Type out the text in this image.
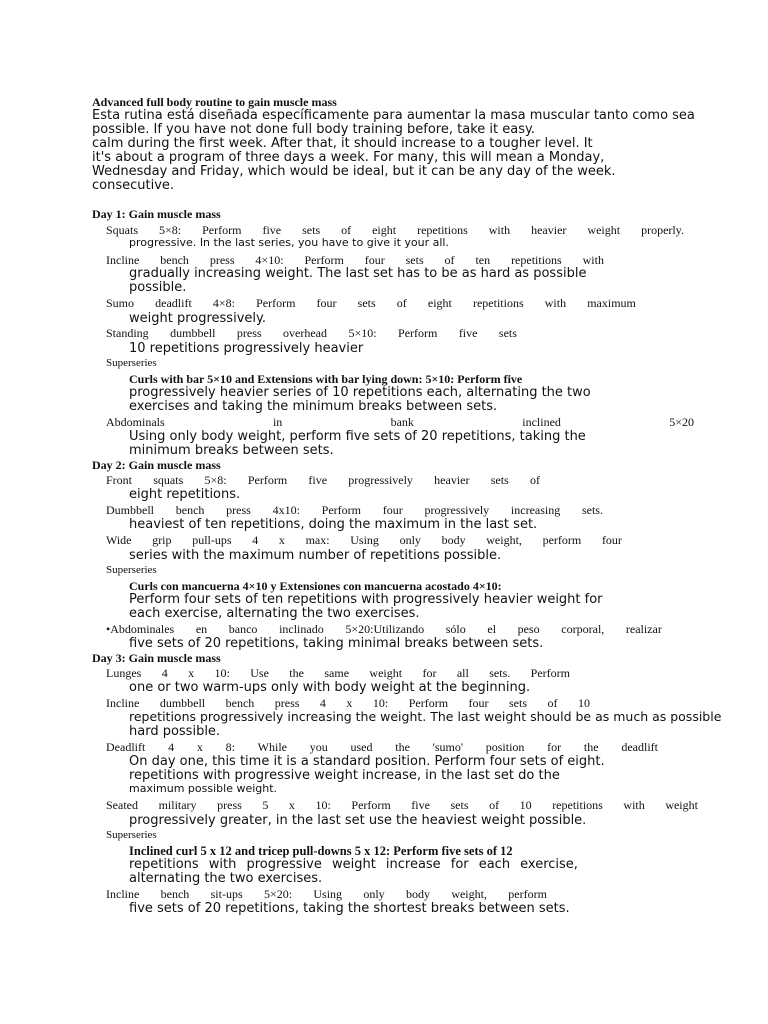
Advanced full body routine to gain muscle mass
Esta rutina está diseñada específicamente para aumentar la masa muscular tanto como sea
possible. If you have not done full body training before, take it easy.
calm during the first week. After that, it should increase to a tougher level. It
it's about a program of three days a week. For many, this will mean a Monday,
Wednesday and Friday, which would be ideal, but it can be any day of the week.
consecutive.
Day 1: Gain muscle mass
Squats 5×8: Perform five sets of eight repetitions with heavier weight properly.
progressive. In the last series, you have to give it your all.
Incline bench press 4×10: Perform four sets of ten repetitions with
gradually increasing weight. The last set has to be as hard as possible
possible.
Sumo deadlift 4×8: Perform four sets of eight repetitions with maximum
weight progressively.
Standing dumbbell press overhead 5×10: Perform five sets
10 repetitions progressively heavier
Superseries
Curls with bar 5×10 and Extensions with bar lying down: 5×10: Perform five
progressively heavier series of 10 repetitions each, alternating the two
exercises and taking the minimum breaks between sets.
Abdominals	in	bank	inclined	5×20
Using only body weight, perform five sets of 20 repetitions, taking the
minimum breaks between sets.
Day 2: Gain muscle mass
Front squats 5×8: Perform five progressively heavier sets of
eight repetitions.
Dumbbell bench press 4x10: Perform four progressively increasing sets.
heaviest of ten repetitions, doing the maximum in the last set.
Wide grip pull-ups 4 x max: Using only body weight, perform four
series with the maximum number of repetitions possible.
Superseries
Curls con mancuerna 4×10 y Extensiones con mancuerna acostado 4×10:
Perform four sets of ten repetitions with progressively heavier weight for
each exercise, alternating the two exercises.
•Abdominales en banco inclinado 5×20:Utilizando sólo el peso corporal, realizar
five sets of 20 repetitions, taking minimal breaks between sets.
Day 3: Gain muscle mass
Lunges 4 x 10: Use the same weight for all sets. Perform
one or two warm-ups only with body weight at the beginning.
Incline dumbbell bench press 4 x 10: Perform four sets of 10
repetitions progressively increasing the weight. The last weight should be as much as possible
hard possible.
Deadlift 4 x 8: While you used the 'sumo' position for the deadlift
On day one, this time it is a standard position. Perform four sets of eight.
repetitions with progressive weight increase, in the last set do the
maximum possible weight.
Seated military press 5 x 10: Perform five sets of 10 repetitions with weight
progressively greater, in the last set use the heaviest weight possible.
Superseries
Inclined curl 5 x 12 and tricep pull-downs 5 x 12: Perform five sets of 12
repetitions with progressive weight increase for each exercise,
alternating the two exercises.
Incline bench sit-ups 5×20: Using only body weight, perform
five sets of 20 repetitions, taking the shortest breaks between sets.
